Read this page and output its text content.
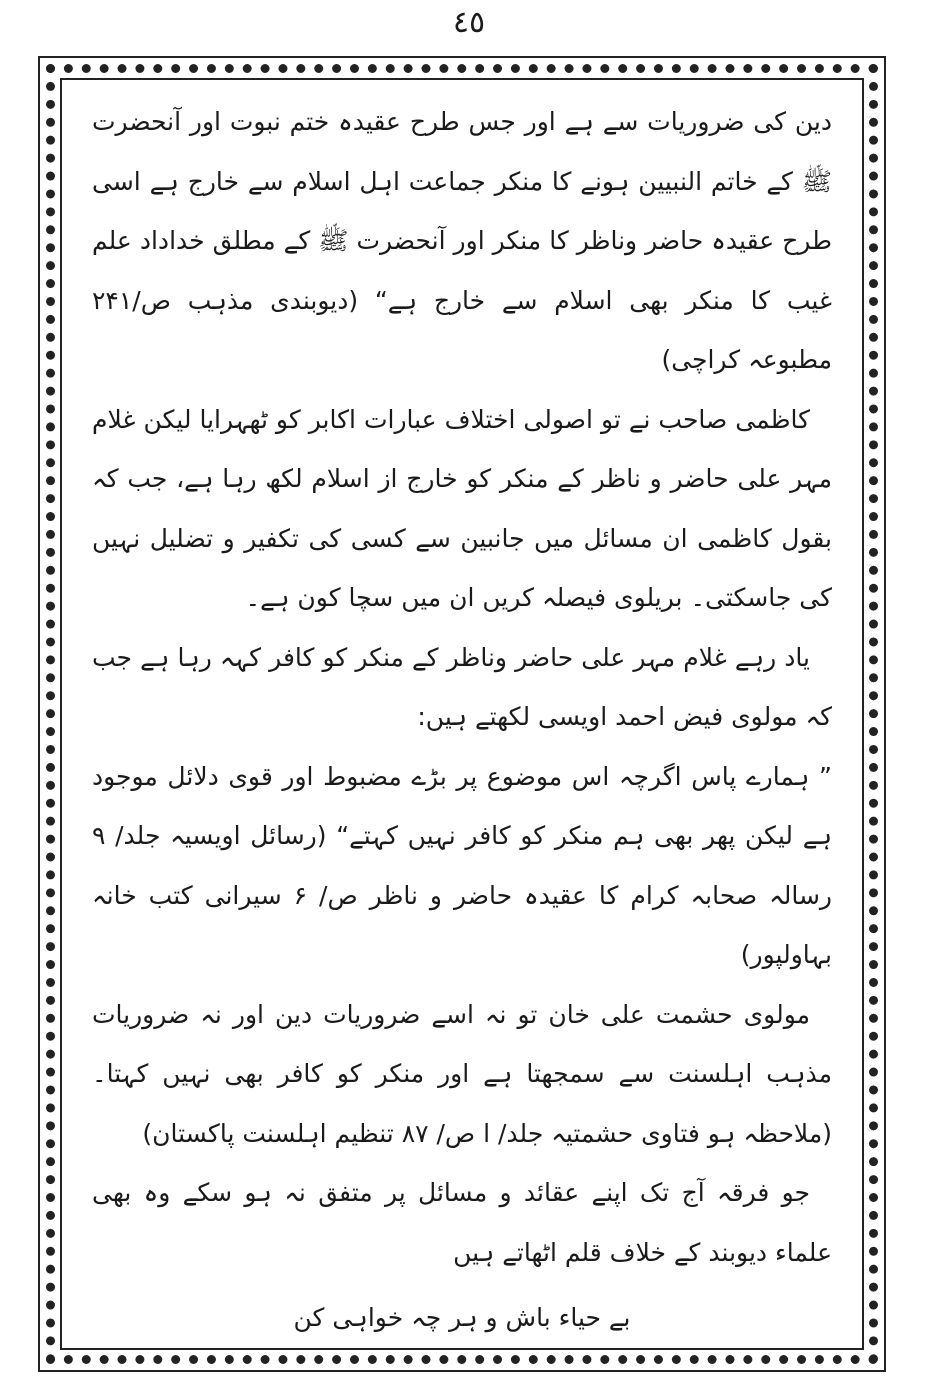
٤٥

دین کی ضروریات سے ہے اور جس طرح عقیدہ ختم نبوت اور آنحضرت ﷺ کے خاتم النبیین ہونے کا منکر جماعت اہل اسلام سے خارج ہے اسی طرح عقیدہ حاضر وناظر کا منکر اور آنحضرت ﷺ کے مطلق خداداد علم غیب کا منکر بھی اسلام سے خارج ہے“ (دیوبندی مذہب ص/۲۴۱ مطبوعہ کراچی)

کاظمی صاحب نے تو اصولی اختلاف عبارات اکابر کو ٹھہرایا لیکن غلام مہر علی حاضر و ناظر کے منکر کو خارج از اسلام لکھ رہا ہے، جب کہ بقول کاظمی ان مسائل میں جانبین سے کسی کی تکفیر و تضلیل نہیں کی جاسکتی۔ بریلوی فیصلہ کریں ان میں سچا کون ہے۔

یاد رہے غلام مہر علی حاضر وناظر کے منکر کو کافر کہہ رہا ہے جب کہ مولوی فیض احمد اویسی لکھتے ہیں:

” ہمارے پاس اگرچہ اس موضوع پر بڑے مضبوط اور قوی دلائل موجود ہے لیکن پھر بھی ہم منکر کو کافر نہیں کہتے“ (رسائل اویسیہ جلد/ ۹ رسالہ صحابہ کرام کا عقیدہ حاضر و ناظر ص/ ۶ سیرانی کتب خانہ بہاولپور)

مولوی حشمت علی خان تو نہ اسے ضروریات دین اور نہ ضروریات مذہب اہلسنت سے سمجھتا ہے اور منکر کو کافر بھی نہیں کہتا۔ (ملاحظہ ہو فتاوی حشمتیہ جلد/ ا ص/ ۸۷ تنظیم اہلسنت پاکستان)

جو فرقہ آج تک اپنے عقائد و مسائل پر متفق نہ ہو سکے وہ بھی علماء دیوبند کے خلاف قلم اٹھاتے ہیں

بے حیاء باش و ہر چہ خواہی کن
